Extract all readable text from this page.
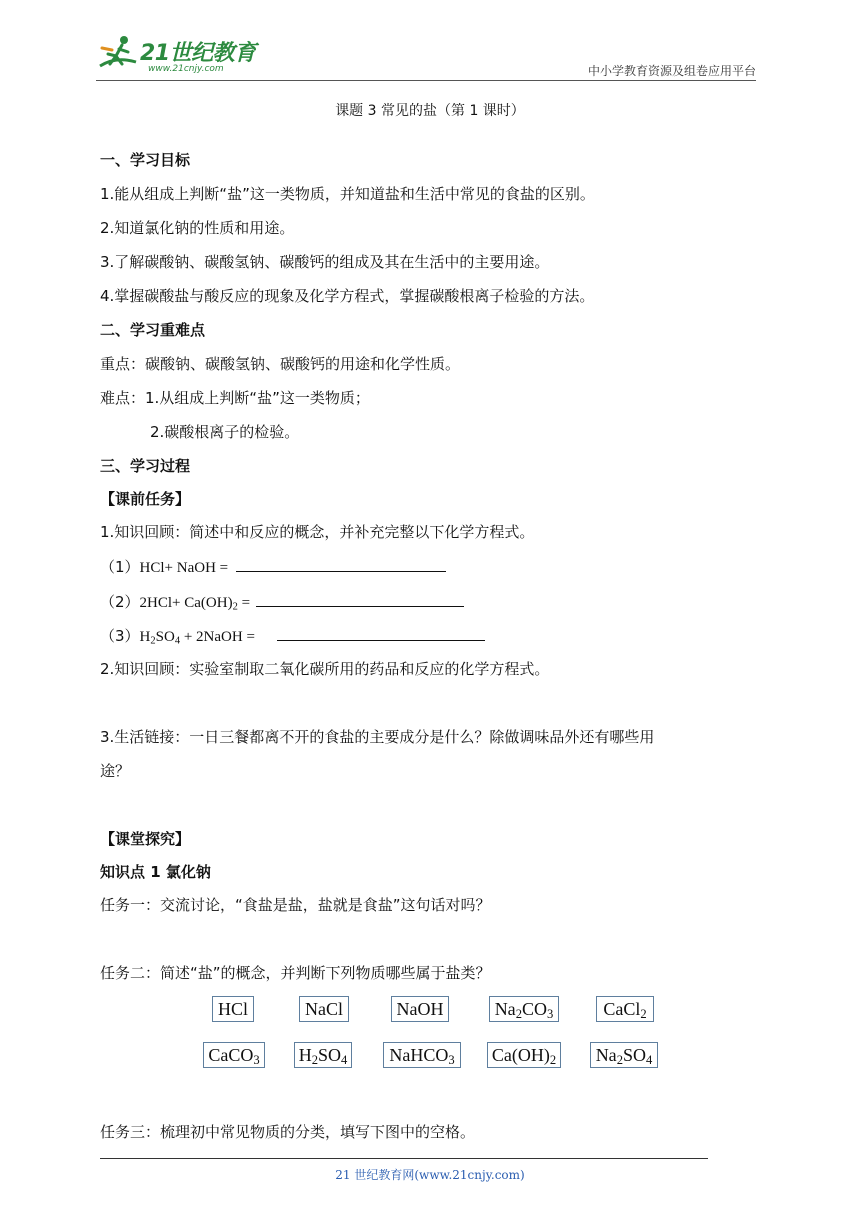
21世纪教育
www.21cnjy.com	中小学教育资源及组卷应用平台
课题 3 常见的盐（第 1 课时）
一、学习目标
1.能从组成上判断“盐”这一类物质，并知道盐和生活中常见的食盐的区别。
2.知道氯化钠的性质和用途。
3.了解碳酸钠、碳酸氢钠、碳酸钙的组成及其在生活中的主要用途。
4.掌握碳酸盐与酸反应的现象及化学方程式，掌握碳酸根离子检验的方法。
二、学习重难点
重点：碳酸钠、碳酸氢钠、碳酸钙的用途和化学性质。
难点：1.从组成上判断“盐”这一类物质；
2.碳酸根离子的检验。
三、学习过程
【课前任务】
1.知识回顾：简述中和反应的概念，并补充完整以下化学方程式。
（1）HCl+ NaOH =
$(2)2HCl+ Ca(OH)_2$ =
$(3)H_2SO_4$ + 2NaOH =
2.知识回顾：实验室制取二氧化碳所用的药品和反应的化学方程式。
3.生活链接：一日三餐都离不开的食盐的主要成分是什么？除做调味品外还有哪些用
途？
【课堂探究】
知识点 1 氯化钠
任务一：交流讨论，“食盐是盐，盐就是食盐”这句话对吗？
任务二：简述“盐”的概念，并判断下列物质哪些属于盐类？
HCl	NaCl	NaOH	$Na_2CO_3$	CaCl$_2$
CaCO$_3$ $H_2SO_4$	NaHCO$_3$	$Ca(OH)_2$	$Na_2SO_4$
任务三：梳理初中常见物质的分类，填写下图中的空格。
21 世纪教育网(www.21cnjy.com)
